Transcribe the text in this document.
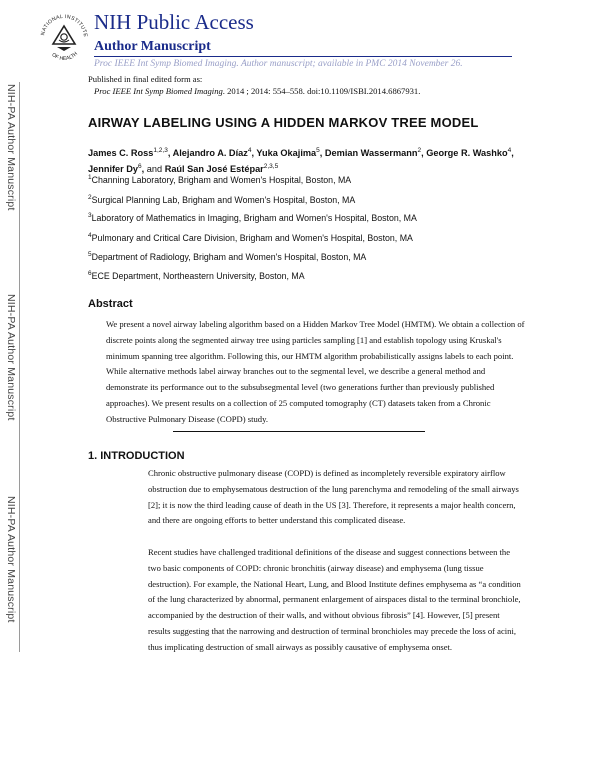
NIH-PA Author Manuscript
NIH-PA Author Manuscript
NIH-PA Author Manuscript
NATIONAL INSTITUTE
OF HEALTH
NIH Public Access
Author Manuscript
Proc IEEE Int Symp Biomed Imaging. Author manuscript; available in PMC 2014 November 26.
Published in final edited form as:
Proc IEEE Int Symp Biomed Imaging. 2014 ; 2014: 554–558. doi:10.1109/ISBI.2014.6867931.
AIRWAY LABELING USING A HIDDEN MARKOV TREE MODEL
James C. Ross$^{1,2,3}$, Alejandro A. Díaz$^4$, Yuka Okajima$^5$, Demian Wassermann$^2$, George R. Washko$^4$, Jennifer Dy$^6$, and Raúl San José Estépar$^{2,3,5}$
$^1$Channing Laboratory, Brigham and Women's Hospital, Boston, MA
$^2$Surgical Planning Lab, Brigham and Women's Hospital, Boston, MA
$^3$Laboratory of Mathematics in Imaging, Brigham and Women's Hospital, Boston, MA
$^4$Pulmonary and Critical Care Division, Brigham and Women's Hospital, Boston, MA
$^5$Department of Radiology, Brigham and Women's Hospital, Boston, MA
$^6$ECE Department, Northeastern University, Boston, MA
Abstract
We present a novel airway labeling algorithm based on a Hidden Markov Tree Model (HMTM). We obtain a collection of discrete points along the segmented airway tree using particles sampling [1] and establish topology using Kruskal's minimum spanning tree algorithm. Following this, our HMTM algorithm probabilistically assigns labels to each point. While alternative methods label airway branches out to the segmental level, we describe a general method and demonstrate its performance out to the subsubsegmental level (two generations further than previously published approaches). We present results on a collection of 25 computed tomography (CT) datasets taken from a Chronic Obstructive Pulmonary Disease (COPD) study.
1. INTRODUCTION
Chronic obstructive pulmonary disease (COPD) is defined as incompletely reversible expiratory airflow obstruction due to emphysematous destruction of the lung parenchyma and remodeling of the small airways [2]; it is now the third leading cause of death in the US [3]. Therefore, it represents a major health concern, and there are ongoing efforts to better understand this complicated disease.
Recent studies have challenged traditional definitions of the disease and suggest connections between the two basic components of COPD: chronic bronchitis (airway disease) and emphysema (lung tissue destruction). For example, the National Heart, Lung, and Blood Institute defines emphysema as “a condition of the lung characterized by abnormal, permanent enlargement of airspaces distal to the terminal bronchiole, accompanied by the destruction of their walls, and without obvious fibrosis” [4]. However, [5] present results suggesting that the narrowing and destruction of terminal bronchioles may precede the loss of acini, thus implicating destruction of small airways as possibly causative of emphysema onset.
